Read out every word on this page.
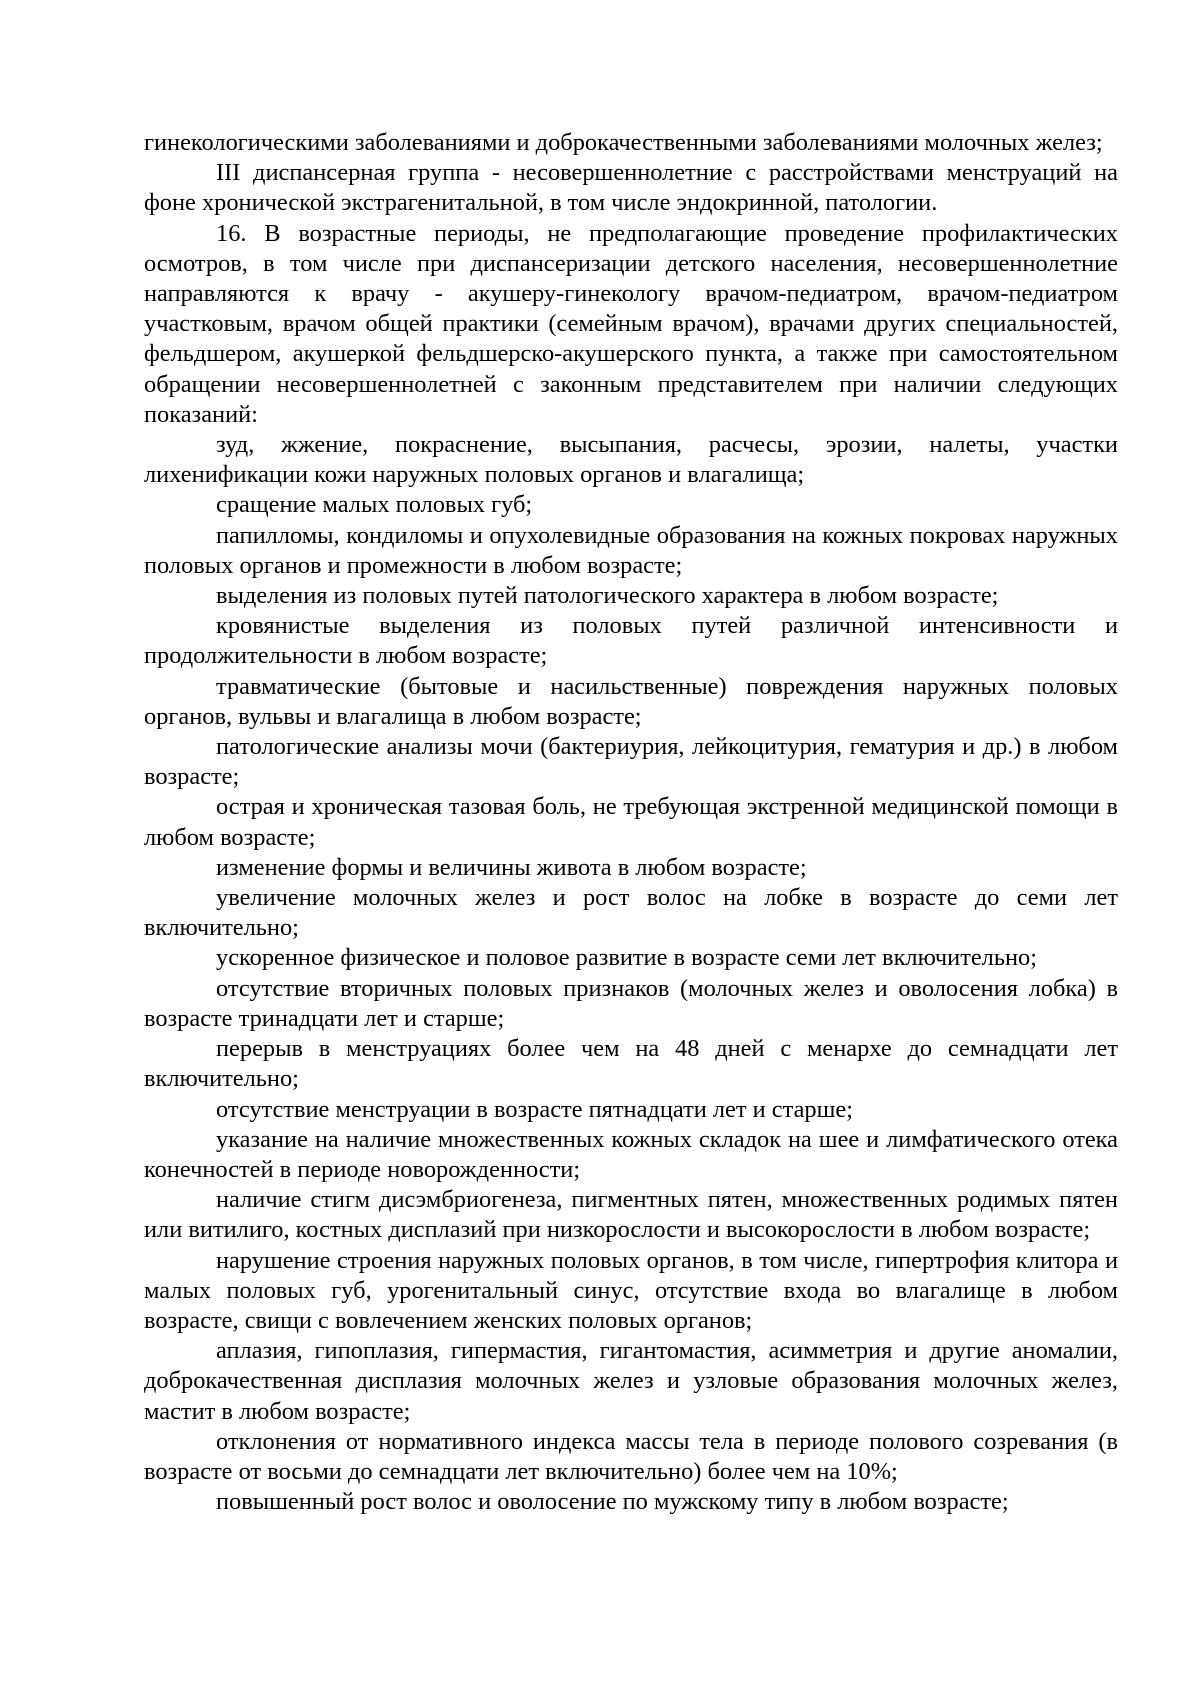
гинекологическими заболеваниями и доброкачественными заболеваниями молочных желез;

III диспансерная группа - несовершеннолетние с расстройствами менструаций на фоне хронической экстрагенитальной, в том числе эндокринной, патологии.

16. В возрастные периоды, не предполагающие проведение профилактических осмотров, в том числе при диспансеризации детского населения, несовершеннолетние направляются к врачу - акушеру-гинекологу врачом-педиатром, врачом-педиатром участковым, врачом общей практики (семейным врачом), врачами других специальностей, фельдшером, акушеркой фельдшерско-акушерского пункта, а также при самостоятельном обращении несовершеннолетней с законным представителем при наличии следующих показаний:

зуд, жжение, покраснение, высыпания, расчесы, эрозии, налеты, участки лихенификации кожи наружных половых органов и влагалища;

сращение малых половых губ;

папилломы, кондиломы и опухолевидные образования на кожных покровах наружных половых органов и промежности в любом возрасте;

выделения из половых путей патологического характера в любом возрасте;

кровянистые выделения из половых путей различной интенсивности и продолжительности в любом возрасте;

травматические (бытовые и насильственные) повреждения наружных половых органов, вульвы и влагалища в любом возрасте;

патологические анализы мочи (бактериурия, лейкоцитурия, гематурия и др.) в любом возрасте;

острая и хроническая тазовая боль, не требующая экстренной медицинской помощи в любом возрасте;

изменение формы и величины живота в любом возрасте;

увеличение молочных желез и рост волос на лобке в возрасте до семи лет включительно;

ускоренное физическое и половое развитие в возрасте семи лет включительно;

отсутствие вторичных половых признаков (молочных желез и оволосения лобка) в возрасте тринадцати лет и старше;

перерыв в менструациях более чем на 48 дней с менархе до семнадцати лет включительно;

отсутствие менструации в возрасте пятнадцати лет и старше;

указание на наличие множественных кожных складок на шее и лимфатического отека конечностей в периоде новорожденности;

наличие стигм дисэмбриогенеза, пигментных пятен, множественных родимых пятен или витилиго, костных дисплазий при низкорослости и высокорослости в любом возрасте;

нарушение строения наружных половых органов, в том числе, гипертрофия клитора и малых половых губ, урогенитальный синус, отсутствие входа во влагалище в любом возрасте, свищи с вовлечением женских половых органов;

аплазия, гипоплазия, гипермастия, гигантомастия, асимметрия и другие аномалии, доброкачественная дисплазия молочных желез и узловые образования молочных желез, мастит в любом возрасте;

отклонения от нормативного индекса массы тела в периоде полового созревания (в возрасте от восьми до семнадцати лет включительно) более чем на 10%;

повышенный рост волос и оволосение по мужскому типу в любом возрасте;
